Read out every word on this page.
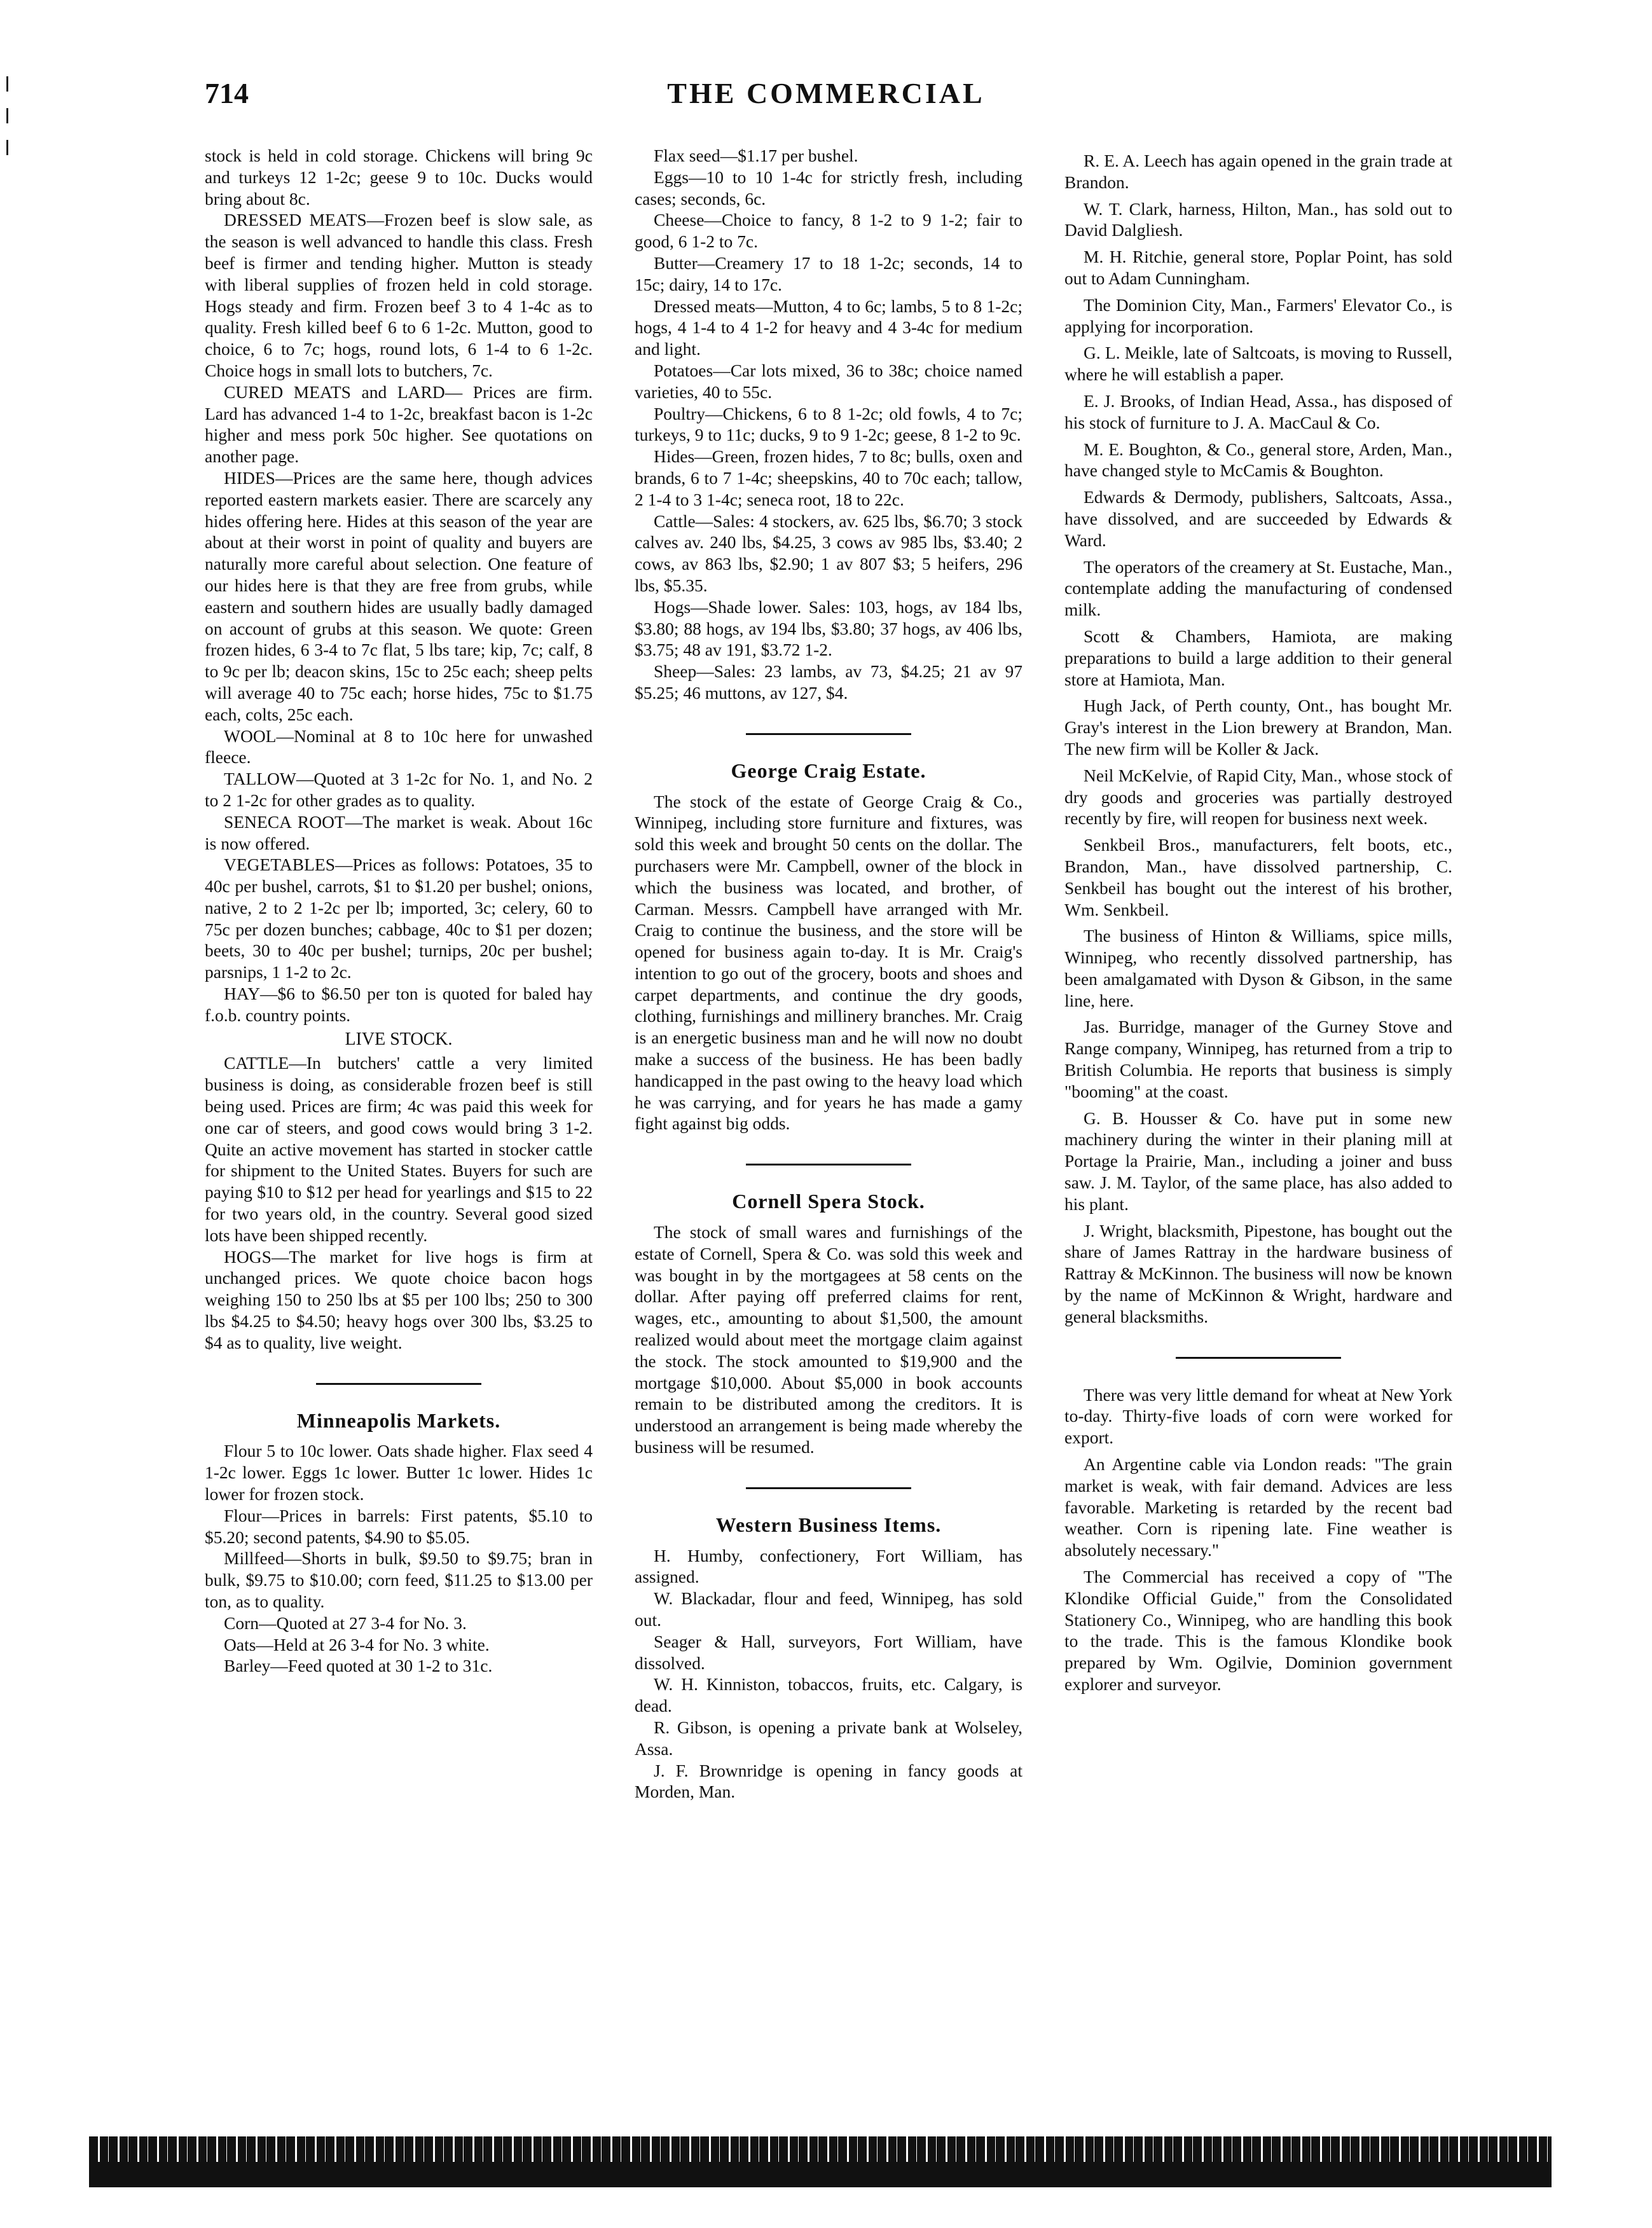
THE COMMERCIAL
714

stock is held in cold storage. Chickens will bring 9c and turkeys 12 1-2c; geese 9 to 10c. Ducks would bring about 8c.

DRESSED MEATS—Frozen beef is slow sale, as the season is well advanced to handle this class. Fresh beef is firmer and tending higher. Mutton is steady with liberal supplies of frozen held in cold storage. Hogs steady and firm. Frozen beef 3 to 4 1-4c as to quality. Fresh killed beef 6 to 6 1-2c. Mutton, good to choice, 6 to 7c; hogs, round lots, 6 1-4 to 6 1-2c. Choice hogs in small lots to butchers, 7c.

CURED MEATS and LARD— Prices are firm. Lard has advanced 1-4 to 1-2c, breakfast bacon is 1-2c higher and mess pork 50c higher. See quotations on another page.

HIDES—Prices are the same here, though advices reported eastern markets easier. There are scarcely any hides offering here. Hides at this season of the year are about at their worst in point of quality and buyers are naturally more careful about selection. One feature of our hides here is that they are free from grubs, while eastern and southern hides are usually badly damaged on account of grubs at this season. We quote: Green frozen hides, 6 3-4 to 7c flat, 5 lbs tare; kip, 7c; calf, 8 to 9c per lb; deacon skins, 15c to 25c each; sheep pelts will average 40 to 75c each; horse hides, 75c to $1.75 each, colts, 25c each.

WOOL—Nominal at 8 to 10c here for unwashed fleece.

TALLOW—Quoted at 3 1-2c for No. 1, and No. 2 to 2 1-2c for other grades as to quality.

SENECA ROOT—The market is weak. About 16c is now offered.

VEGETABLES—Prices as follows: Potatoes, 35 to 40c per bushel, carrots, $1 to $1.20 per bushel; onions, native, 2 to 2 1-2c per lb; imported, 3c; celery, 60 to 75c per dozen bunches; cabbage, 40c to $1 per dozen; beets, 30 to 40c per bushel; turnips, 20c per bushel; parsnips, 1 1-2 to 2c.

HAY—$6 to $6.50 per ton is quoted for baled hay f.o.b. country points.

LIVE STOCK.

CATTLE—In butchers' cattle a very limited business is doing, as considerable frozen beef is still being used. Prices are firm; 4c was paid this week for one car of steers, and good cows would bring 3 1-2. Quite an active movement has started in stocker cattle for shipment to the United States. Buyers for such are paying $10 to $12 per head for yearlings and $15 to 22 for two years old, in the country. Several good sized lots have been shipped recently.

HOGS—The market for live hogs is firm at unchanged prices. We quote choice bacon hogs weighing 150 to 250 lbs at $5 per 100 lbs; 250 to 300 lbs $4.25 to $4.50; heavy hogs over 300 lbs, $3.25 to $4 as to quality, live weight.

Minneapolis Markets.

Flour 5 to 10c lower. Oats shade higher. Flax seed 4 1-2c lower. Eggs 1c lower. Butter 1c lower. Hides 1c lower for frozen stock.

Flour—Prices in barrels: First patents, $5.10 to $5.20; second patents, $4.90 to $5.05.

Millfeed—Shorts in bulk, $9.50 to $9.75; bran in bulk, $9.75 to $10.00; corn feed, $11.25 to $13.00 per ton, as to quality.

Corn—Quoted at 27 3-4 for No. 3.

Oats—Held at 26 3-4 for No. 3 white.

Barley—Feed quoted at 30 1-2 to 31c.

Flax seed—$1.17 per bushel.

Eggs—10 to 10 1-4c for strictly fresh, including cases; seconds, 6c.

Cheese—Choice to fancy, 8 1-2 to 9 1-2; fair to good, 6 1-2 to 7c.

Butter—Creamery 17 to 18 1-2c; seconds, 14 to 15c; dairy, 14 to 17c.

Dressed meats—Mutton, 4 to 6c; lambs, 5 to 8 1-2c; hogs, 4 1-4 to 4 1-2 for heavy and 4 3-4c for medium and light.

Potatoes—Car lots mixed, 36 to 38c; choice named varieties, 40 to 55c.

Poultry—Chickens, 6 to 8 1-2c; old fowls, 4 to 7c; turkeys, 9 to 11c; ducks, 9 to 9 1-2c; geese, 8 1-2 to 9c.

Hides—Green, frozen hides, 7 to 8c; bulls, oxen and brands, 6 to 7 1-4c; sheepskins, 40 to 70c each; tallow, 2 1-4 to 3 1-4c; seneca root, 18 to 22c.

Cattle—Sales: 4 stockers, av. 625 lbs, $6.70; 3 stock calves av. 240 lbs, $4.25, 3 cows av 985 lbs, $3.40; 2 cows, av 863 lbs, $2.90; 1 av 807 $3; 5 heifers, 296 lbs, $5.35.

Hogs—Shade lower. Sales: 103, hogs, av 184 lbs, $3.80; 88 hogs, av 194 lbs, $3.80; 37 hogs, av 406 lbs, $3.75; 48 av 191, $3.72 1-2.

Sheep—Sales: 23 lambs, av 73, $4.25; 21 av 97 $5.25; 46 muttons, av 127, $4.

George Craig Estate.

The stock of the estate of George Craig & Co., Winnipeg, including store furniture and fixtures, was sold this week and brought 50 cents on the dollar. The purchasers were Mr. Campbell, owner of the block in which the business was located, and brother, of Carman. Messrs. Campbell have arranged with Mr. Craig to continue the business, and the store will be opened for business again to-day. It is Mr. Craig's intention to go out of the grocery, boots and shoes and carpet departments, and continue the dry goods, clothing, furnishings and millinery branches. Mr. Craig is an energetic business man and he will now no doubt make a success of the business. He has been badly handicapped in the past owing to the heavy load which he was carrying, and for years he has made a gamy fight against big odds.

Cornell Spera Stock.

The stock of small wares and furnishings of the estate of Cornell, Spera & Co. was sold this week and was bought in by the mortgagees at 58 cents on the dollar. After paying off preferred claims for rent, wages, etc., amounting to about $1,500, the amount realized would about meet the mortgage claim against the stock. The stock amounted to $19,900 and the mortgage $10,000. About $5,000 in book accounts remain to be distributed among the creditors. It is understood an arrangement is being made whereby the business will be resumed.

Western Business Items.

H. Humby, confectionery, Fort William, has assigned.

W. Blackadar, flour and feed, Winnipeg, has sold out.

Seager & Hall, surveyors, Fort William, have dissolved.

W. H. Kinniston, tobaccos, fruits, etc. Calgary, is dead.

R. Gibson, is opening a private bank at Wolseley, Assa.

J. F. Brownridge is opening in fancy goods at Morden, Man.

R. E. A. Leech has again opened in the grain trade at Brandon.

W. T. Clark, harness, Hilton, Man., has sold out to David Dalgliesh.

M. H. Ritchie, general store, Poplar Point, has sold out to Adam Cunningham.

The Dominion City, Man., Farmers' Elevator Co., is applying for incorporation.

G. L. Meikle, late of Saltcoats, is moving to Russell, where he will establish a paper.

E. J. Brooks, of Indian Head, Assa., has disposed of his stock of furniture to J. A. MacCaul & Co.

M. E. Boughton, & Co., general store, Arden, Man., have changed style to McCamis & Boughton.

Edwards & Dermody, publishers, Saltcoats, Assa., have dissolved, and are succeeded by Edwards & Ward.

The operators of the creamery at St. Eustache, Man., contemplate adding the manufacturing of condensed milk.

Scott & Chambers, Hamiota, are making preparations to build a large addition to their general store at Hamiota, Man.

Hugh Jack, of Perth county, Ont., has bought Mr. Gray's interest in the Lion brewery at Brandon, Man. The new firm will be Koller & Jack.

Neil McKelvie, of Rapid City, Man., whose stock of dry goods and groceries was partially destroyed recently by fire, will reopen for business next week.

Senkbeil Bros., manufacturers, felt boots, etc., Brandon, Man., have dissolved partnership, C. Senkbeil has bought out the interest of his brother, Wm. Senkbeil.

The business of Hinton & Williams, spice mills, Winnipeg, who recently dissolved partnership, has been amalgamated with Dyson & Gibson, in the same line, here.

Jas. Burridge, manager of the Gurney Stove and Range company, Winnipeg, has returned from a trip to British Columbia. He reports that business is simply "booming" at the coast.

G. B. Housser & Co. have put in some new machinery during the winter in their planing mill at Portage la Prairie, Man., including a joiner and buss saw. J. M. Taylor, of the same place, has also added to his plant.

J. Wright, blacksmith, Pipestone, has bought out the share of James Rattray in the hardware business of Rattray & McKinnon. The business will now be known by the name of McKinnon & Wright, hardware and general blacksmiths.

There was very little demand for wheat at New York to-day. Thirty-five loads of corn were worked for export.

An Argentine cable via London reads: "The grain market is weak, with fair demand. Advices are less favorable. Marketing is retarded by the recent bad weather. Corn is ripening late. Fine weather is absolutely necessary."

The Commercial has received a copy of "The Klondike Official Guide," from the Consolidated Stationery Co., Winnipeg, who are handling this book to the trade. This is the famous Klondike book prepared by Wm. Ogilvie, Dominion government explorer and surveyor.
